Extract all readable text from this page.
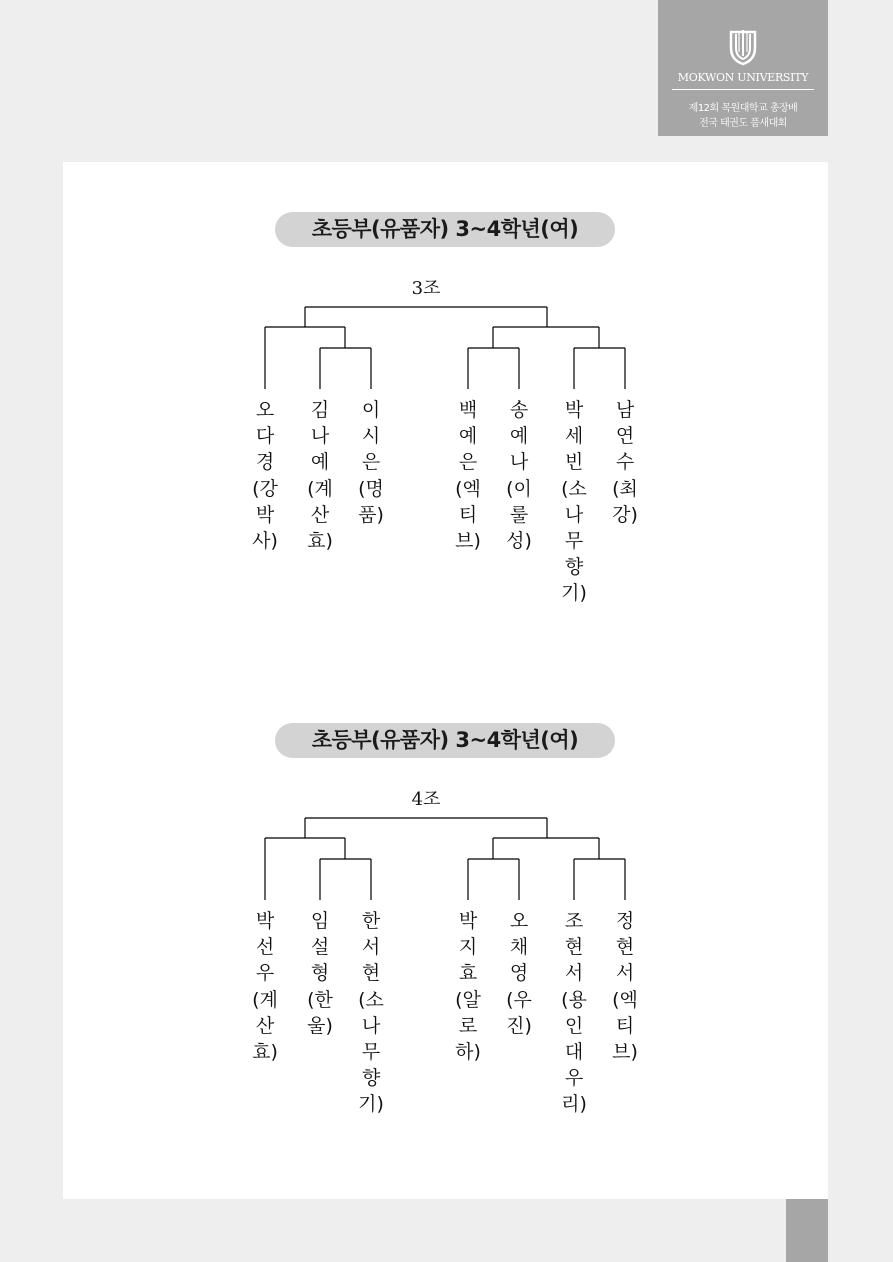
MOKWON UNIVERSITY
제12회 목원대학교 총장배
전국 태권도 품새대회
초등부(유품자) 3~4학년(여)
3조
오다경(강박사)
김나예(계산효)
이시은(명품)
백예은(엑티브)
송예나(이룰성)
박세빈(소나무향기)
남연수(최강)
초등부(유품자) 3~4학년(여)
4조
박선우(계산효)
임설형(한울)
한서현(소나무향기)
박지효(알로하)
오채영(우진)
조현서(용인대우리)
정현서(엑티브)
